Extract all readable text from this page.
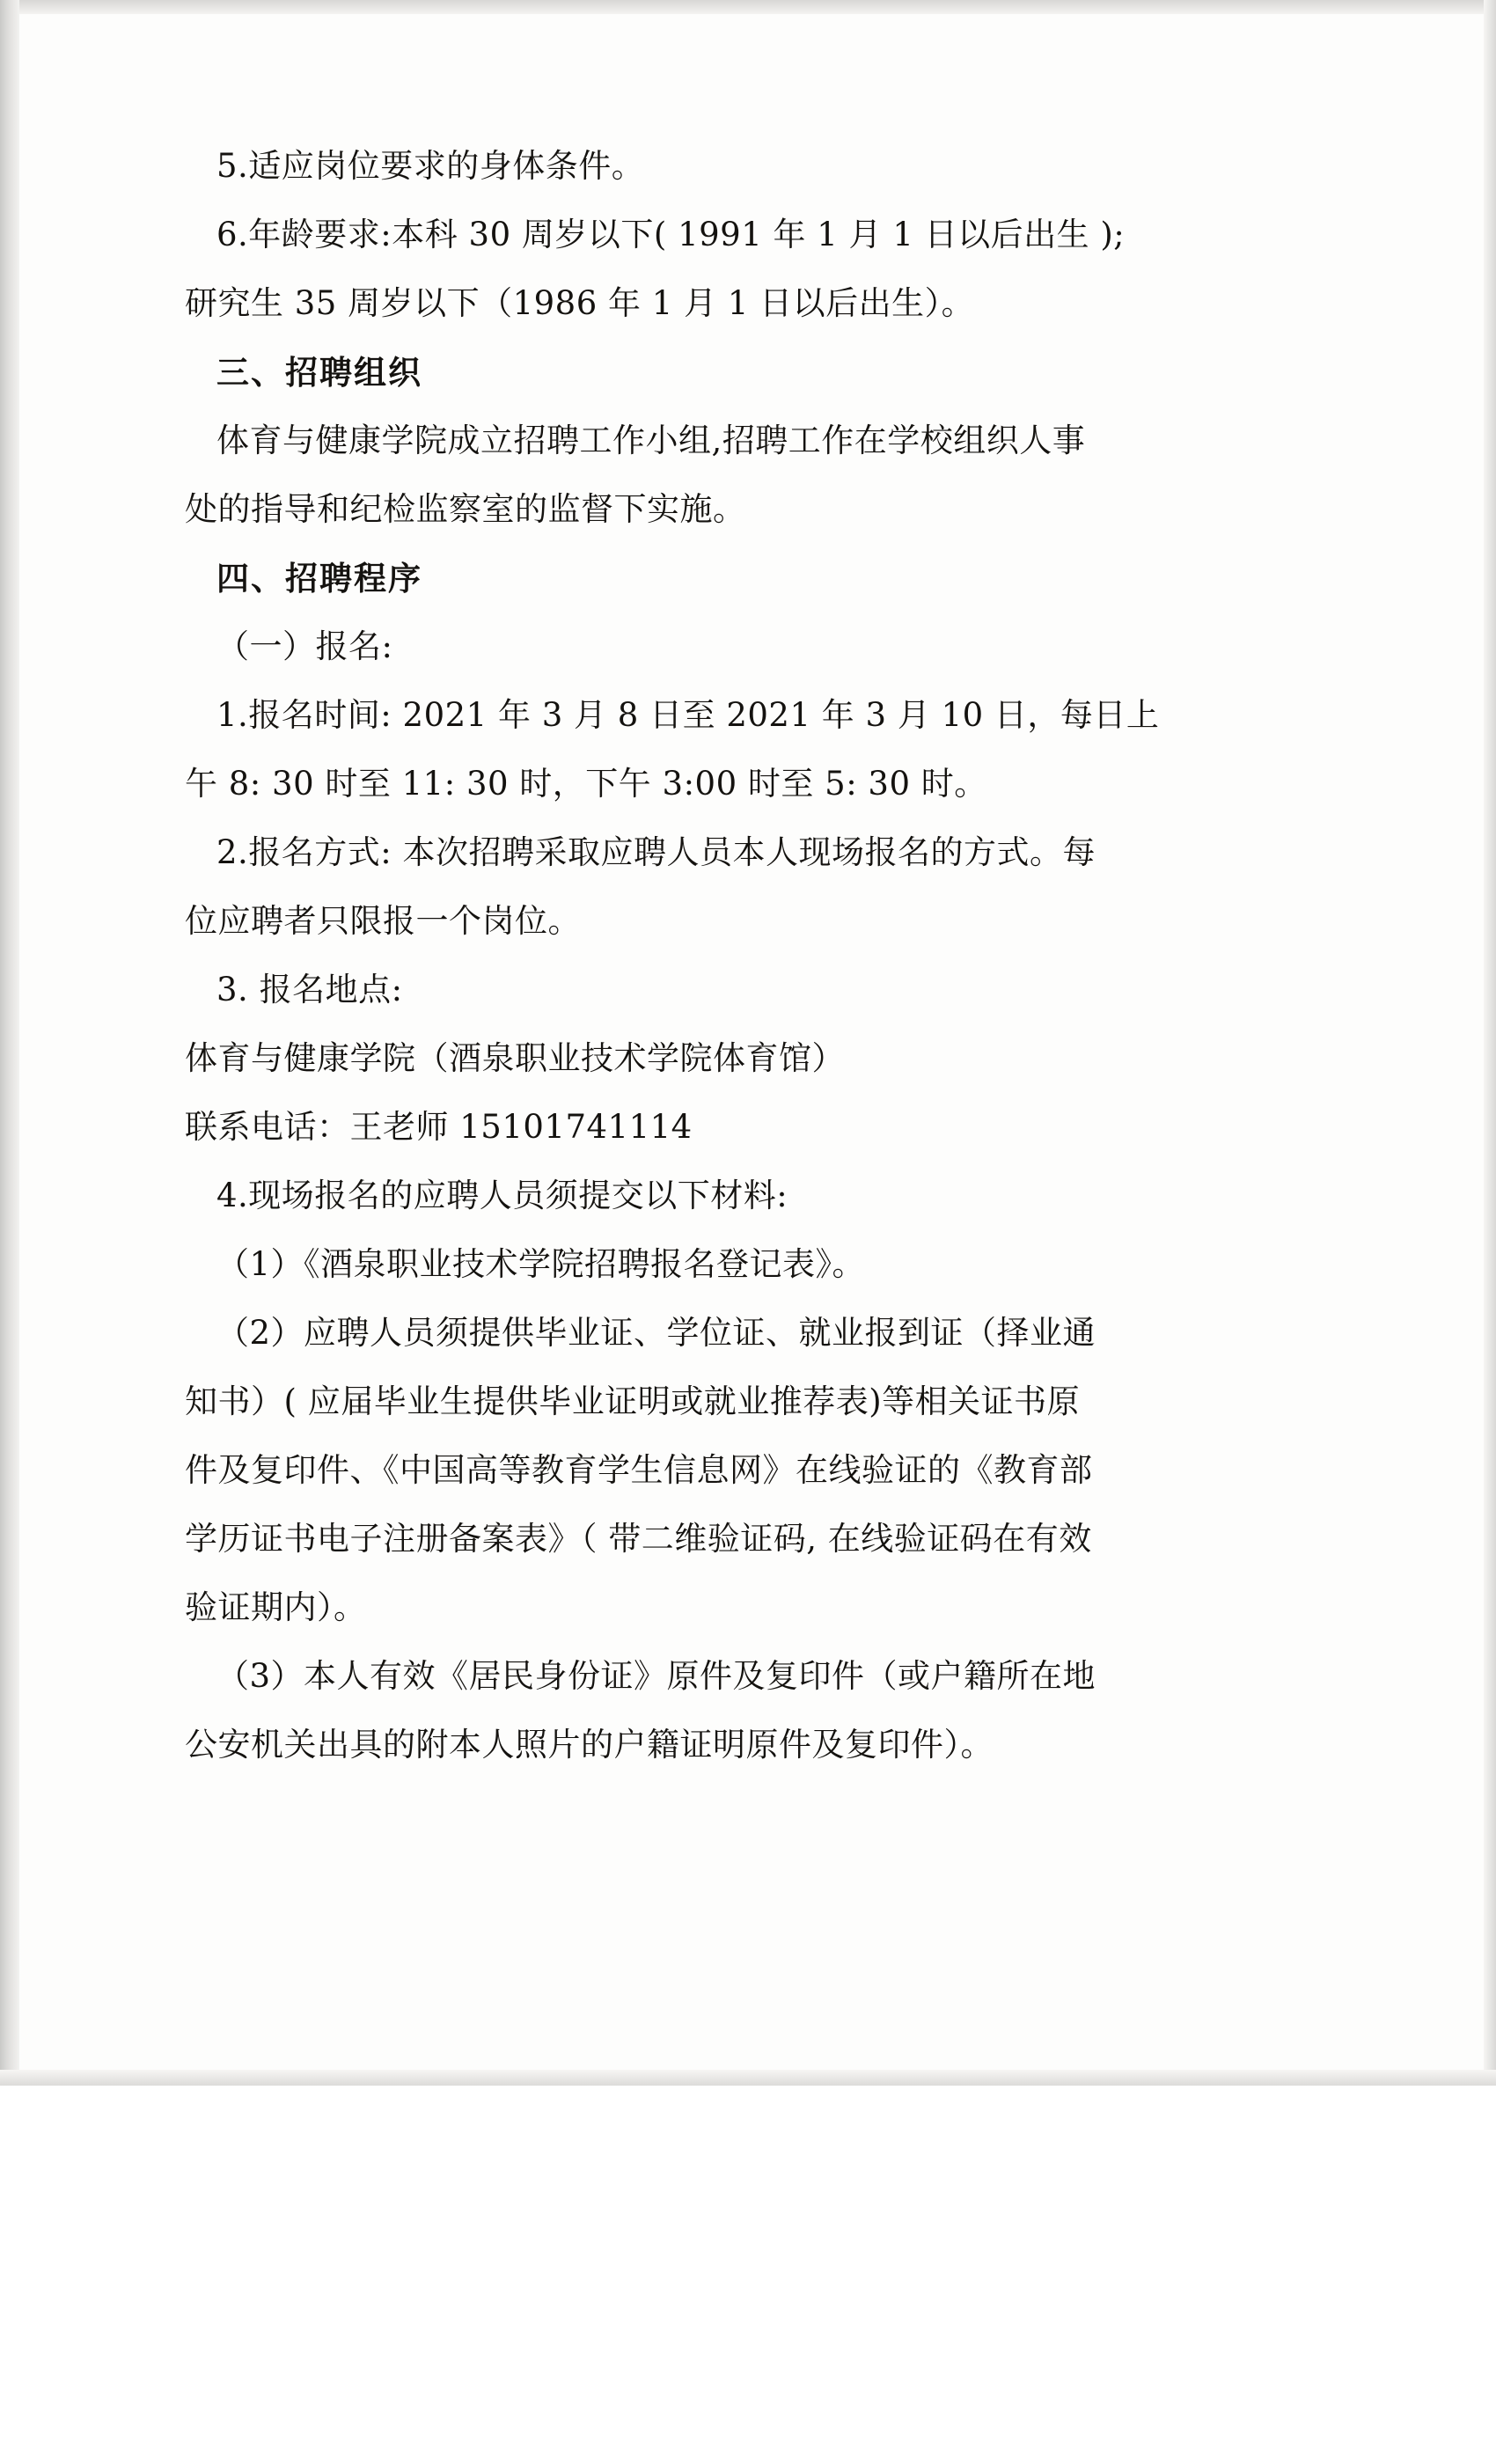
5.适应岗位要求的身体条件。
6.年龄要求:本科 30 周岁以下( 1991 年 1 月 1 日以后出生 );
研究生 35 周岁以下（1986 年 1 月 1 日以后出生）。
三、招聘组织
体育与健康学院成立招聘工作小组,招聘工作在学校组织人事
处的指导和纪检监察室的监督下实施。
四、招聘程序
（一）报名:
1.报名时间: 2021 年 3 月 8 日至 2021 年 3 月 10 日，每日上
午 8: 30 时至 11: 30 时，下午 3:00 时至 5: 30 时。
2.报名方式: 本次招聘采取应聘人员本人现场报名的方式。每
位应聘者只限报一个岗位。
3. 报名地点:
体育与健康学院（酒泉职业技术学院体育馆）
联系电话：王老师 15101741114
4.现场报名的应聘人员须提交以下材料:
（1）《酒泉职业技术学院招聘报名登记表》。
（2）应聘人员须提供毕业证、学位证、就业报到证（择业通
知书）( 应届毕业生提供毕业证明或就业推荐表)等相关证书原
件及复印件、《中国高等教育学生信息网》在线验证的《教育部
学历证书电子注册备案表》（ 带二维验证码, 在线验证码在有效
验证期内）。
（3）本人有效《居民身份证》原件及复印件（或户籍所在地
公安机关出具的附本人照片的户籍证明原件及复印件）。
